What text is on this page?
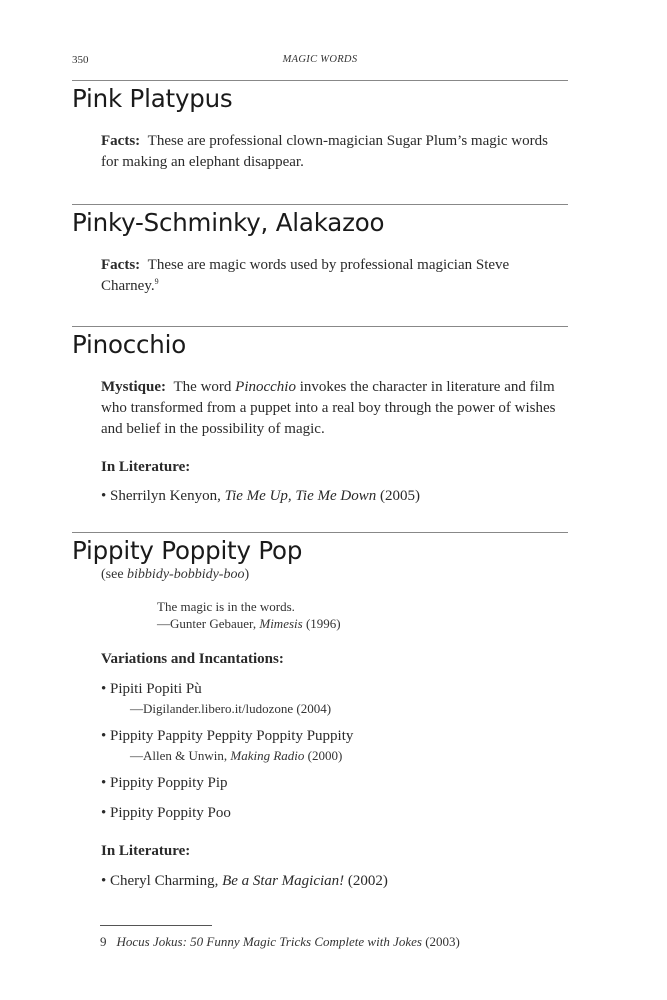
350	MAGIC WORDS
Pink Platypus

Facts: These are professional clown-magician Sugar Plum’s magic words for making an elephant disappear.

Pinky-Schminky, Alakazoo

Facts: These are magic words used by professional magician Steve Charney.$^9$

Pinocchio

Mystique: The word Pinocchio invokes the character in literature and film who transformed from a puppet into a real boy through the power of wishes and belief in the possibility of magic.

In Literature:

• Sherrilyn Kenyon, Tie Me Up, Tie Me Down (2005)

Pippity Poppity Pop
(see bibbidy-bobbidy-boo)
The magic is in the words.
—Gunter Gebauer, Mimesis (1996)

Variations and Incantations:

• Pipiti Popiti Pù

—Digilander.libero.it/ludozone (2004)

• Pippity Pappity Peppity Poppity Puppity

—Allen & Unwin, Making Radio (2000)

• Pippity Poppity Pip

• Pippity Poppity Poo

In Literature:

• Cheryl Charming, Be a Star Magician! (2002)

9 Hocus Jokus: 50 Funny Magic Tricks Complete with Jokes (2003)
